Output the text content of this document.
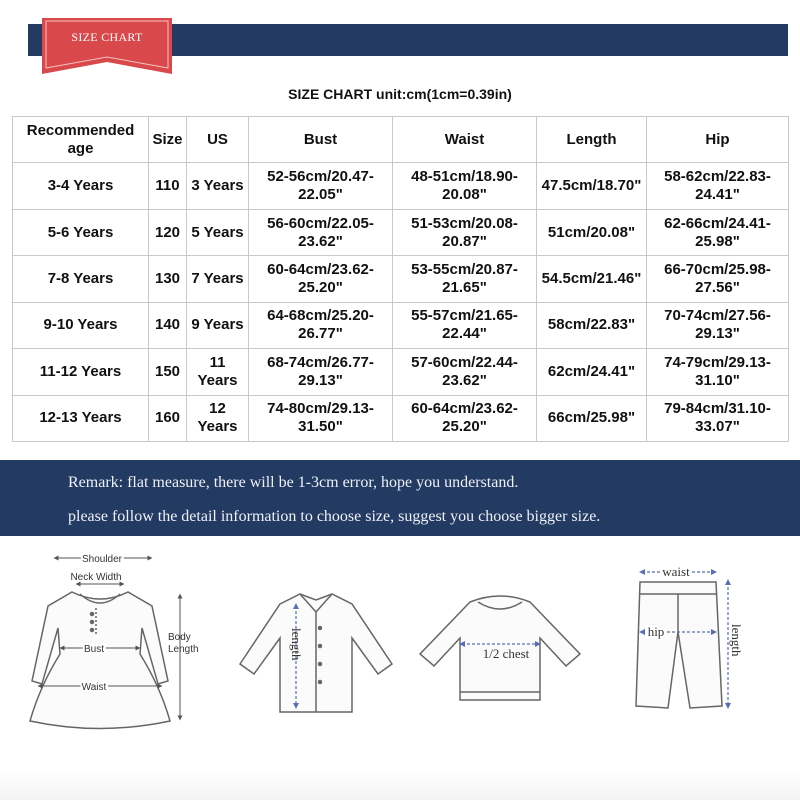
SIZE CHART
SIZE CHART unit:cm(1cm=0.39in)
Recommended age	Size	US	Bust	Waist	Length	Hip
3-4 Years	110	3 Years	52-56cm/20.47-22.05"	48-51cm/18.90-20.08"	47.5cm/18.70"	58-62cm/22.83-24.41"
5-6 Years	120	5 Years	56-60cm/22.05-23.62"	51-53cm/20.08-20.87"	51cm/20.08"	62-66cm/24.41-25.98"
7-8 Years	130	7 Years	60-64cm/23.62-25.20"	53-55cm/20.87-21.65"	54.5cm/21.46"	66-70cm/25.98-27.56"
9-10 Years	140	9 Years	64-68cm/25.20-26.77"	55-57cm/21.65-22.44"	58cm/22.83"	70-74cm/27.56-29.13"
11-12 Years	150	11 Years	68-74cm/26.77-29.13"	57-60cm/22.44-23.62"	62cm/24.41"	74-79cm/29.13-31.10"
12-13 Years	160	12 Years	74-80cm/29.13-31.50"	60-64cm/23.62-25.20"	66cm/25.98"	79-84cm/31.10-33.07"
Remark: flat measure, there will be 1-3cm error, hope you understand.
please follow the detail information to choose size, suggest you choose bigger size.
Shoulder
Neck Width
Bust
Waist
Body
Length	length	1/2 chest
waist
hip	length
